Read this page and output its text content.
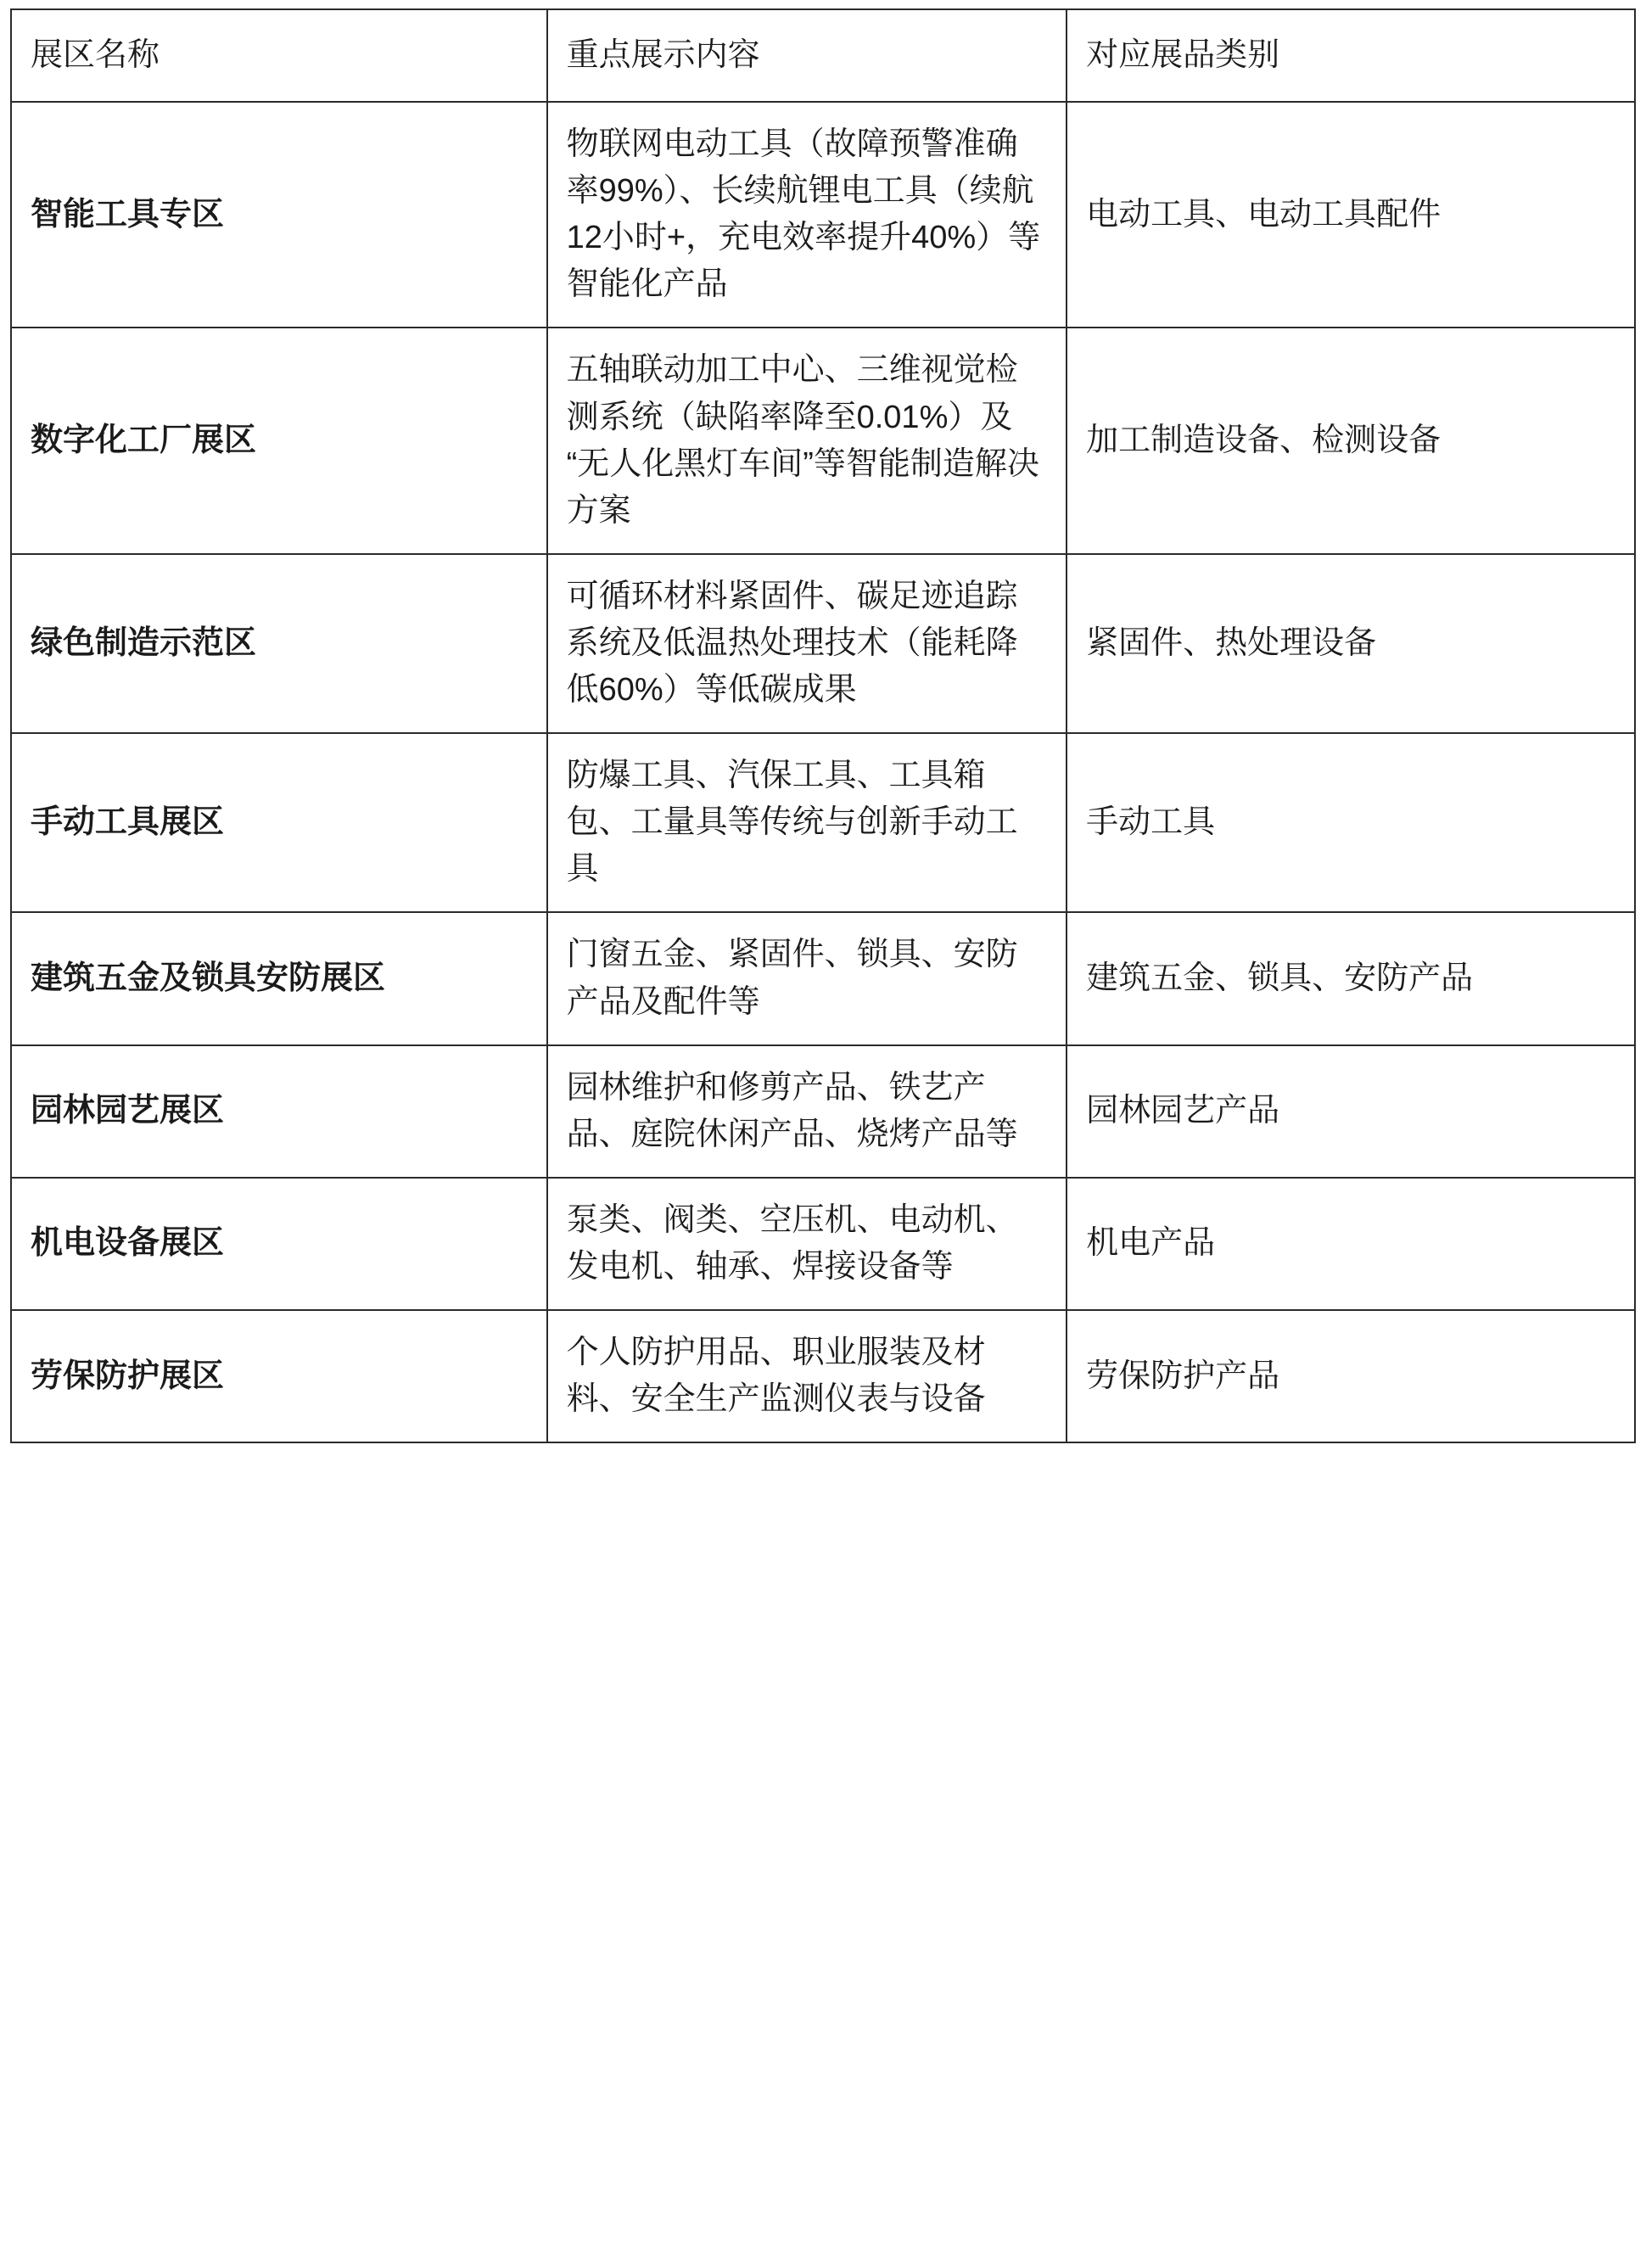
展区名称	重点展示内容	对应展品类别
智能工具专区	物联网电动工具（故障预警准确率99%）、长续航锂电工具（续航12小时+，充电效率提升40%）等智能化产品	电动工具、电动工具配件
数字化工厂展区	五轴联动加工中心、三维视觉检测系统（缺陷率降至0.01%）及“无人化黑灯车间”等智能制造解决方案	加工制造设备、检测设备
绿色制造示范区	可循环材料紧固件、碳足迹追踪系统及低温热处理技术（能耗降低60%）等低碳成果	紧固件、热处理设备
手动工具展区	防爆工具、汽保工具、工具箱包、工量具等传统与创新手动工具	手动工具
建筑五金及锁具安防展区	门窗五金、紧固件、锁具、安防产品及配件等	建筑五金、锁具、安防产品
园林园艺展区	园林维护和修剪产品、铁艺产品、庭院休闲产品、烧烤产品等	园林园艺产品
机电设备展区	泵类、阀类、空压机、电动机、发电机、轴承、焊接设备等	机电产品
劳保防护展区	个人防护用品、职业服装及材料、安全生产监测仪表与设备	劳保防护产品
